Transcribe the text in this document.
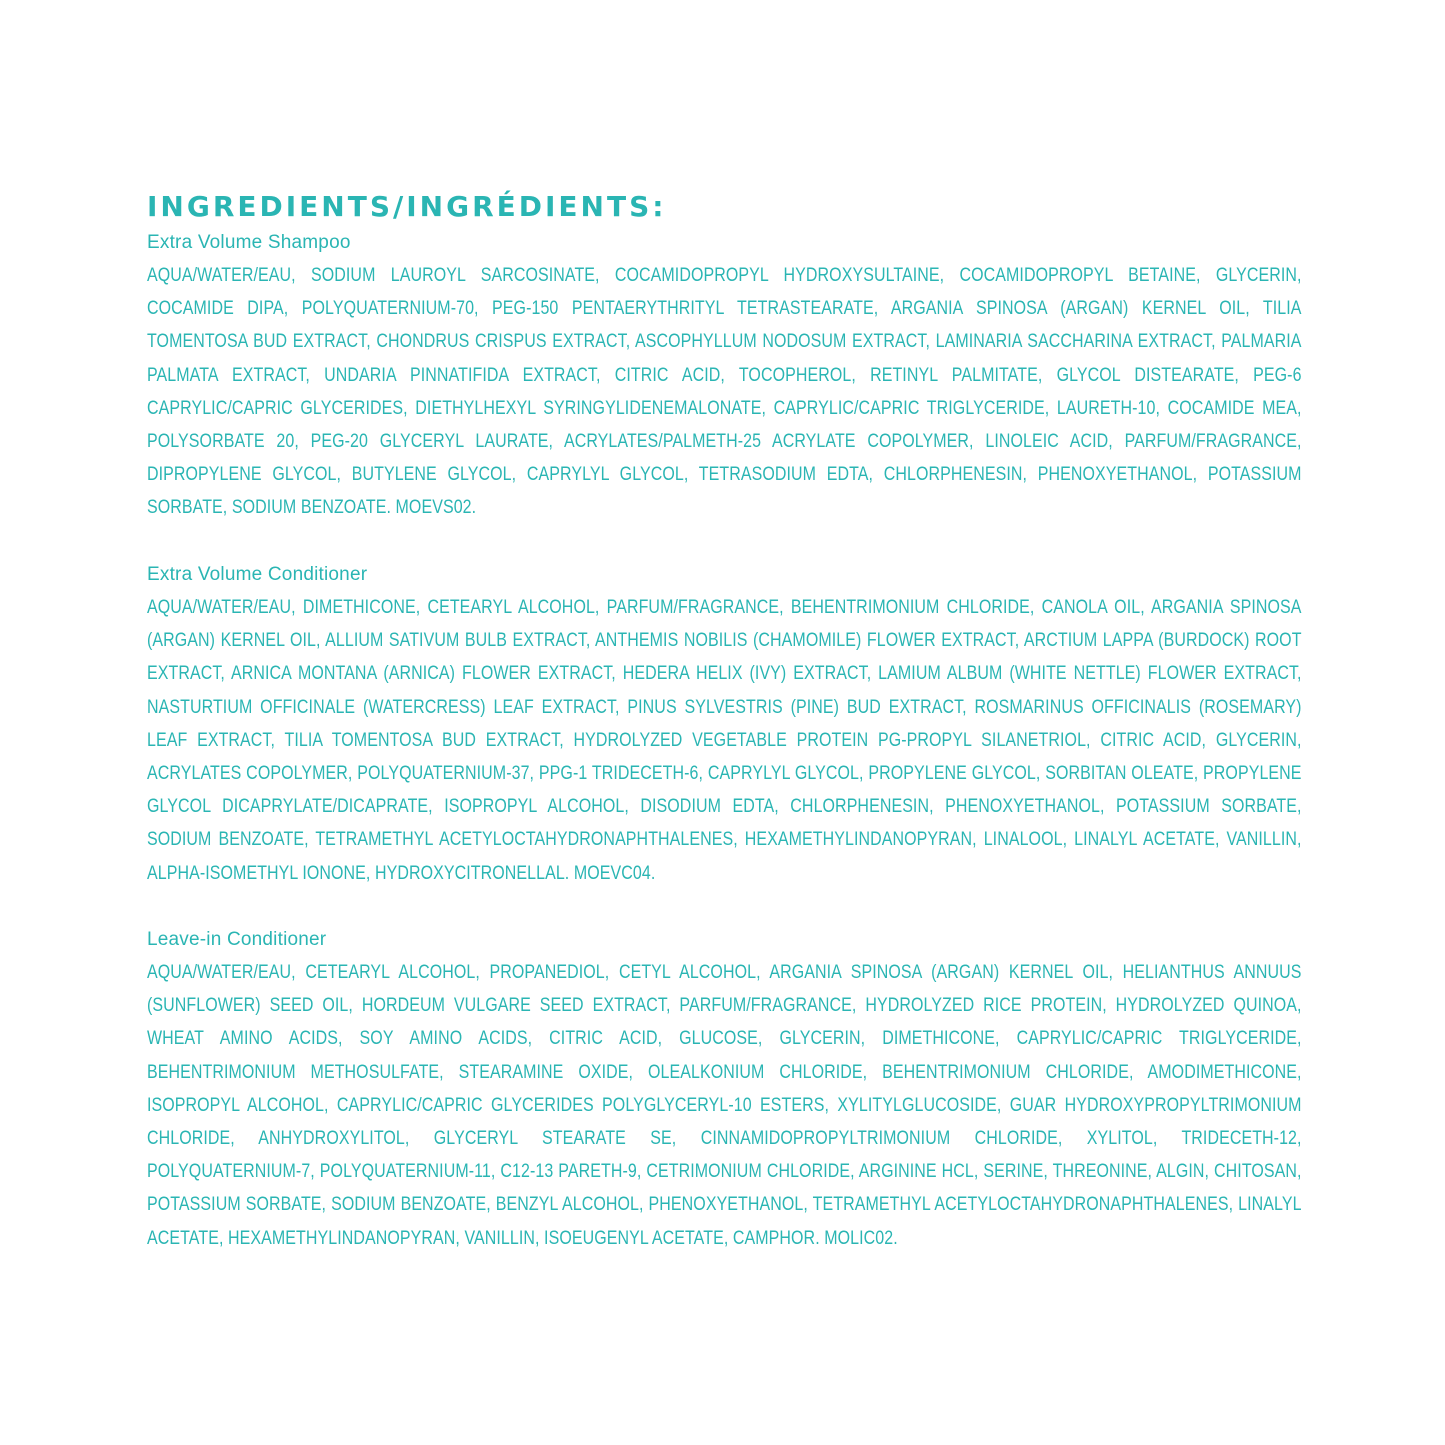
INGREDIENTS/INGRÉDIENTS:

Extra Volume Shampoo

AQUA/WATER/EAU, SODIUM LAUROYL SARCOSINATE, COCAMIDOPROPYL HYDROXYSULTAINE, COCAMIDOPROPYL BETAINE, GLYCERIN, COCAMIDE DIPA, POLYQUATERNIUM-70, PEG-150 PENTAERYTHRITYL TETRASTEARATE, ARGANIA SPINOSA (ARGAN) KERNEL OIL, TILIA TOMENTOSA BUD EXTRACT, CHONDRUS CRISPUS EXTRACT, ASCOPHYLLUM NODOSUM EXTRACT, LAMINARIA SACCHARINA EXTRACT, PALMARIA PALMATA EXTRACT, UNDARIA PINNATIFIDA EXTRACT, CITRIC ACID, TOCOPHEROL, RETINYL PALMITATE, GLYCOL DISTEARATE, PEG-6 CAPRYLIC/CAPRIC GLYCERIDES, DIETHYLHEXYL SYRINGYLIDENEMALONATE, CAPRYLIC/CAPRIC TRIGLYCERIDE, LAURETH-10, COCAMIDE MEA, POLYSORBATE 20, PEG-20 GLYCERYL LAURATE, ACRYLATES/PALMETH-25 ACRYLATE COPOLYMER, LINOLEIC ACID, PARFUM/FRAGRANCE, DIPROPYLENE GLYCOL, BUTYLENE GLYCOL, CAPRYLYL GLYCOL, TETRASODIUM EDTA, CHLORPHENESIN, PHENOXYETHANOL, POTASSIUM SORBATE, SODIUM BENZOATE. MOEVS02.

Extra Volume Conditioner

AQUA/WATER/EAU, DIMETHICONE, CETEARYL ALCOHOL, PARFUM/FRAGRANCE, BEHENTRIMONIUM CHLORIDE, CANOLA OIL, ARGANIA SPINOSA (ARGAN) KERNEL OIL, ALLIUM SATIVUM BULB EXTRACT, ANTHEMIS NOBILIS (CHAMOMILE) FLOWER EXTRACT, ARCTIUM LAPPA (BURDOCK) ROOT EXTRACT, ARNICA MONTANA (ARNICA) FLOWER EXTRACT, HEDERA HELIX (IVY) EXTRACT, LAMIUM ALBUM (WHITE NETTLE) FLOWER EXTRACT, NASTURTIUM OFFICINALE (WATERCRESS) LEAF EXTRACT, PINUS SYLVESTRIS (PINE) BUD EXTRACT, ROSMARINUS OFFICINALIS (ROSEMARY) LEAF EXTRACT, TILIA TOMENTOSA BUD EXTRACT, HYDROLYZED VEGETABLE PROTEIN PG-PROPYL SILANETRIOL, CITRIC ACID, GLYCERIN, ACRYLATES COPOLYMER, POLYQUATERNIUM-37, PPG-1 TRIDECETH-6, CAPRYLYL GLYCOL, PROPYLENE GLYCOL, SORBITAN OLEATE, PROPYLENE GLYCOL DICAPRYLATE/DICAPRATE, ISOPROPYL ALCOHOL, DISODIUM EDTA, CHLORPHENESIN, PHENOXYETHANOL, POTASSIUM SORBATE, SODIUM BENZOATE, TETRAMETHYL ACETYLOCTAHYDRONAPHTHALENES, HEXAMETHYLINDANOPYRAN, LINALOOL, LINALYL ACETATE, VANILLIN, ALPHA-ISOMETHYL IONONE, HYDROXYCITRONELLAL. MOEVC04.

Leave-in Conditioner

AQUA/WATER/EAU, CETEARYL ALCOHOL, PROPANEDIOL, CETYL ALCOHOL, ARGANIA SPINOSA (ARGAN) KERNEL OIL, HELIANTHUS ANNUUS (SUNFLOWER) SEED OIL, HORDEUM VULGARE SEED EXTRACT, PARFUM/FRAGRANCE, HYDROLYZED RICE PROTEIN, HYDROLYZED QUINOA, WHEAT AMINO ACIDS, SOY AMINO ACIDS, CITRIC ACID, GLUCOSE, GLYCERIN, DIMETHICONE, CAPRYLIC/CAPRIC TRIGLYCERIDE, BEHENTRIMONIUM METHOSULFATE, STEARAMINE OXIDE, OLEALKONIUM CHLORIDE, BEHENTRIMONIUM CHLORIDE, AMODIMETHICONE, ISOPROPYL ALCOHOL, CAPRYLIC/CAPRIC GLYCERIDES POLYGLYCERYL-10 ESTERS, XYLITYLGLUCOSIDE, GUAR HYDROXYPROPYLTRIMONIUM CHLORIDE, ANHYDROXYLITOL, GLYCERYL STEARATE SE, CINNAMIDOPROPYLTRIMONIUM CHLORIDE, XYLITOL, TRIDECETH-12, POLYQUATERNIUM-7, POLYQUATERNIUM-11, C12-13 PARETH-9, CETRIMONIUM CHLORIDE, ARGININE HCL, SERINE, THREONINE, ALGIN, CHITOSAN, POTASSIUM SORBATE, SODIUM BENZOATE, BENZYL ALCOHOL, PHENOXYETHANOL, TETRAMETHYL ACETYLOCTAHYDRONAPHTHALENES, LINALYL ACETATE, HEXAMETHYLINDANOPYRAN, VANILLIN, ISOEUGENYL ACETATE, CAMPHOR. MOLIC02.
